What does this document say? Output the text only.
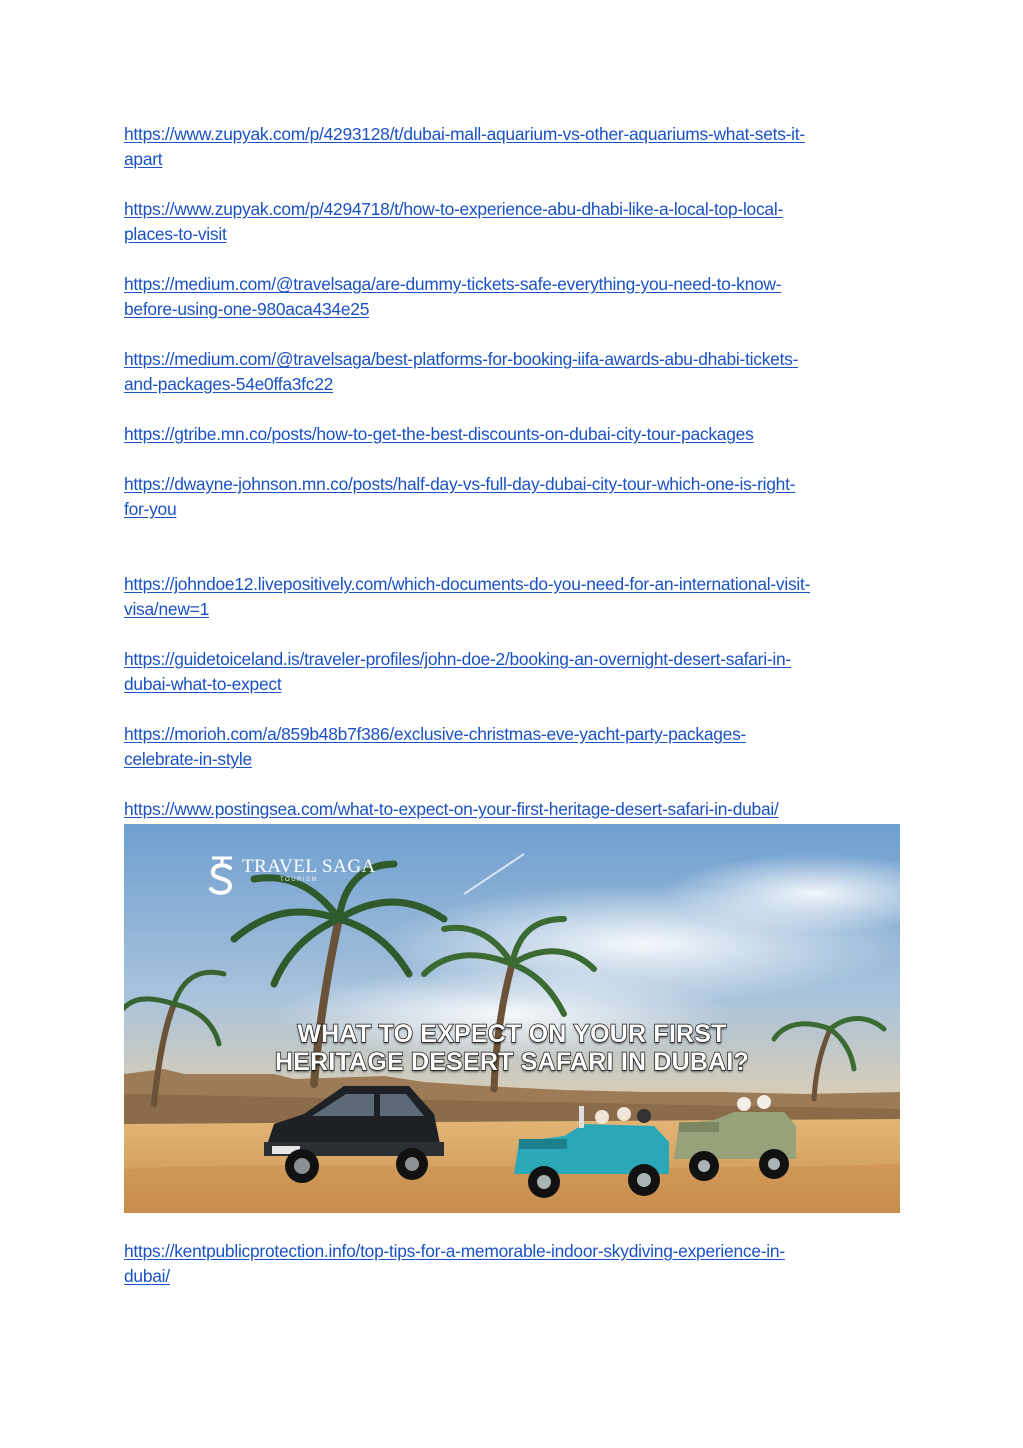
https://www.zupyak.com/p/4293128/t/dubai-mall-aquarium-vs-other-aquariums-what-sets-it-
apart
https://www.zupyak.com/p/4294718/t/how-to-experience-abu-dhabi-like-a-local-top-local-
places-to-visit
https://medium.com/@travelsaga/are-dummy-tickets-safe-everything-you-need-to-know-
before-using-one-980aca434e25
https://medium.com/@travelsaga/best-platforms-for-booking-iifa-awards-abu-dhabi-tickets-
and-packages-54e0ffa3fc22
https://gtribe.mn.co/posts/how-to-get-the-best-discounts-on-dubai-city-tour-packages
https://dwayne-johnson.mn.co/posts/half-day-vs-full-day-dubai-city-tour-which-one-is-right-
for-you
https://johndoe12.livepositively.com/which-documents-do-you-need-for-an-international-visit-
visa/new=1
https://guidetoiceland.is/traveler-profiles/john-doe-2/booking-an-overnight-desert-safari-in-
dubai-what-to-expect
https://morioh.com/a/859b48b7f386/exclusive-christmas-eve-yacht-party-packages-
celebrate-in-style
https://www.postingsea.com/what-to-expect-on-your-first-heritage-desert-safari-in-dubai/
TRAVEL SAGA
TOURISM
WHAT TO EXPECT ON YOUR FIRST
HERITAGE DESERT SAFARI IN DUBAI?
https://kentpublicprotection.info/top-tips-for-a-memorable-indoor-skydiving-experience-in-
dubai/
